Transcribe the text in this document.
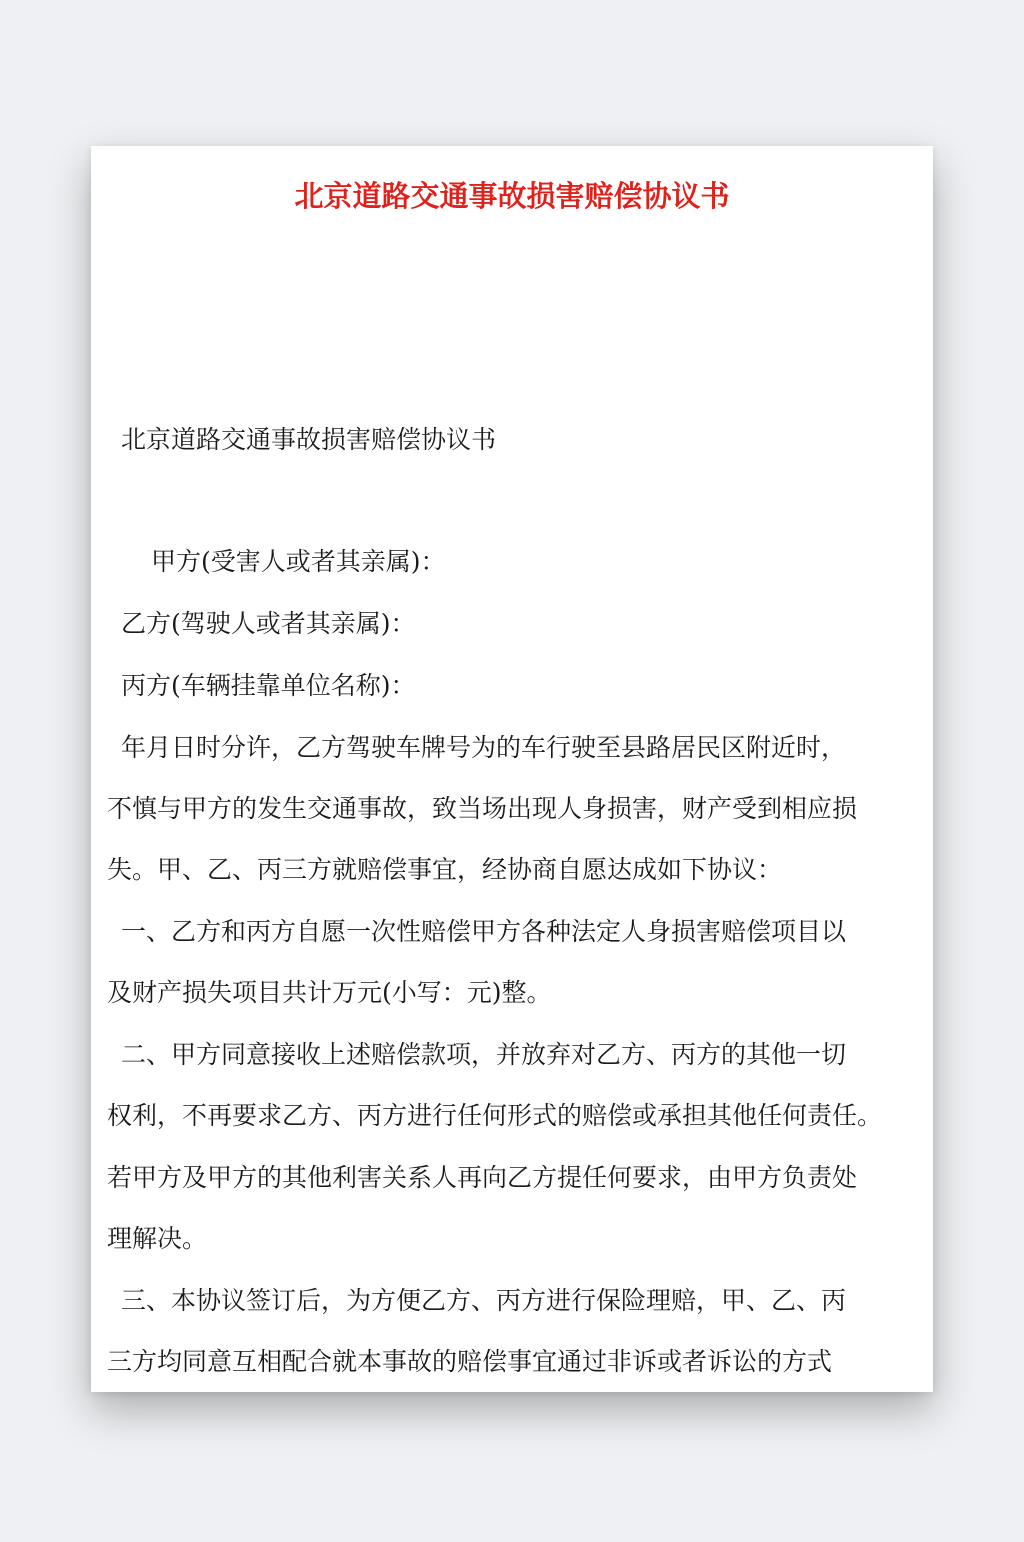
北京道路交通事故损害赔偿协议书
北京道路交通事故损害赔偿协议书
甲方(受害人或者其亲属)：
乙方(驾驶人或者其亲属)：
丙方(车辆挂靠单位名称)：
年月日时分许，乙方驾驶车牌号为的车行驶至县路居民区附近时，
不慎与甲方的发生交通事故，致当场出现人身损害，财产受到相应损
失。甲、乙、丙三方就赔偿事宜，经协商自愿达成如下协议：
一、乙方和丙方自愿一次性赔偿甲方各种法定人身损害赔偿项目以
及财产损失项目共计万元(小写：元)整。
二、甲方同意接收上述赔偿款项，并放弃对乙方、丙方的其他一切
权利，不再要求乙方、丙方进行任何形式的赔偿或承担其他任何责任。
若甲方及甲方的其他利害关系人再向乙方提任何要求，由甲方负责处
理解决。
三、本协议签订后，为方便乙方、丙方进行保险理赔，甲、乙、丙
三方均同意互相配合就本事故的赔偿事宜通过非诉或者诉讼的方式
